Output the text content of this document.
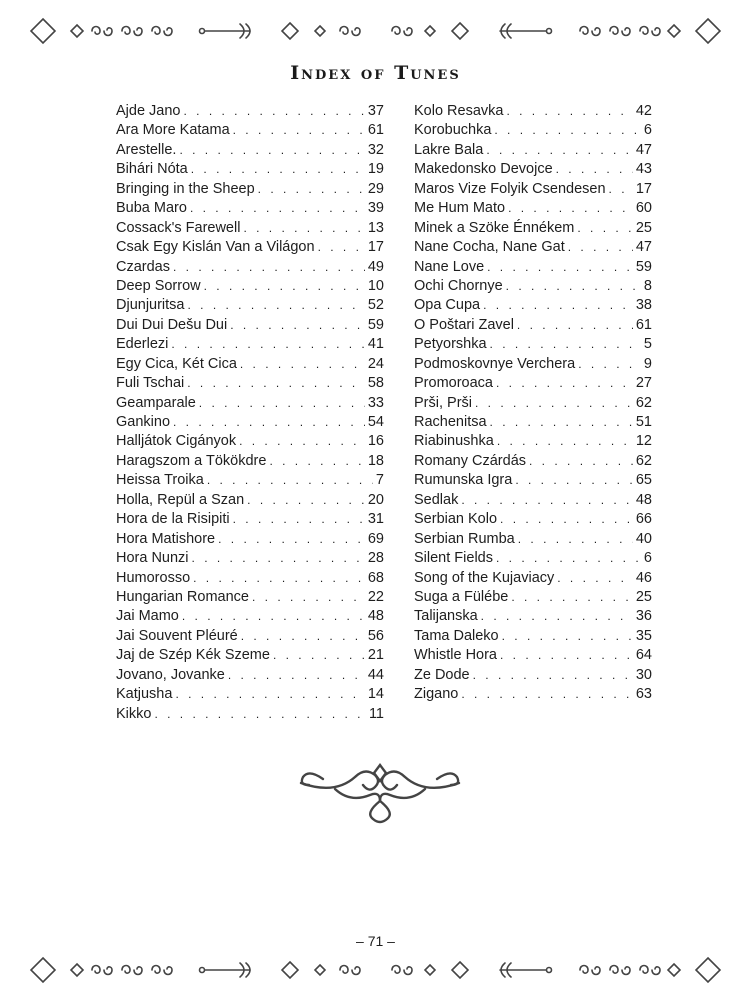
Index of Tunes
Ajde Jano . . .	37
Ara More Katama . . .	61
Arestelle. . . .	32
Bihári Nóta . . .	19
Bringing in the Sheep . . .	29
Buba Maro . . .	39
Cossack's Farewell . . .	13
Csak Egy Kislán Van a Világon . . .	17
Czardas . . .	49
Deep Sorrow . . .	10
Djunjuritsa . . .	52
Dui Dui Dešu Dui . . .	59
Ederlezi . . .	41
Egy Cica, Két Cica . . .	24
Fuli Tschai . . .	58
Geamparale . . .	33
Gankino . . .	54
Halljátok Cigányok . . .	16
Haragszom a Tökökdre . . .	18
Heissa Troika . . .	7
Holla, Repül a Szan . . .	20
Hora de la Risipiti . . .	31
Hora Matishore . . .	69
Hora Nunzi . . .	28
Humorosso . . .	68
Hungarian Romance . . .	22
Jai Mamo . . .	48
Jai Souvent Pléuré . . .	56
Jaj de Szép Kék Szeme . . .	21
Jovano, Jovanke . . .	44
Katjusha . . .	14
Kikko . . .	11
Kolo Resavka . . .	42
Korobuchka . . .	6
Lakre Bala . . .	47
Makedonsko Devojce . . .	43
Maros Vize Folyik Csendesen . . . 17
Me Hum Mato . . .	60
Minek a Szöke Énnékem . . .	25
Nane Cocha, Nane Gat . . .	47
Nane Love . . .	59
Ochi Chornye . . .	8
Opa Cupa . . .	38
O Poštari Zavel . . .	61
Petyorshka . . .	5
Podmoskovnye Verchera . . .	9
Promoroaca . . .	27
Prši, Prši . . .	62
Rachenitsa . . .	51
Riabinushka . . .	12
Romany Czárdás . . .	62
Rumunska Igra . . .	65
Sedlak . . .	48
Serbian Kolo . . .	66
Serbian Rumba . . .	40
Silent Fields . . .	6
Song of the Kujaviacy . . .	46
Suga a Fülébe . . .	25
Talijanska . . .	36
Tama Daleko . . .	35
Whistle Hora . . .	64
Ze Dode . . .	30
Zigano . . .	63
– 71 –
